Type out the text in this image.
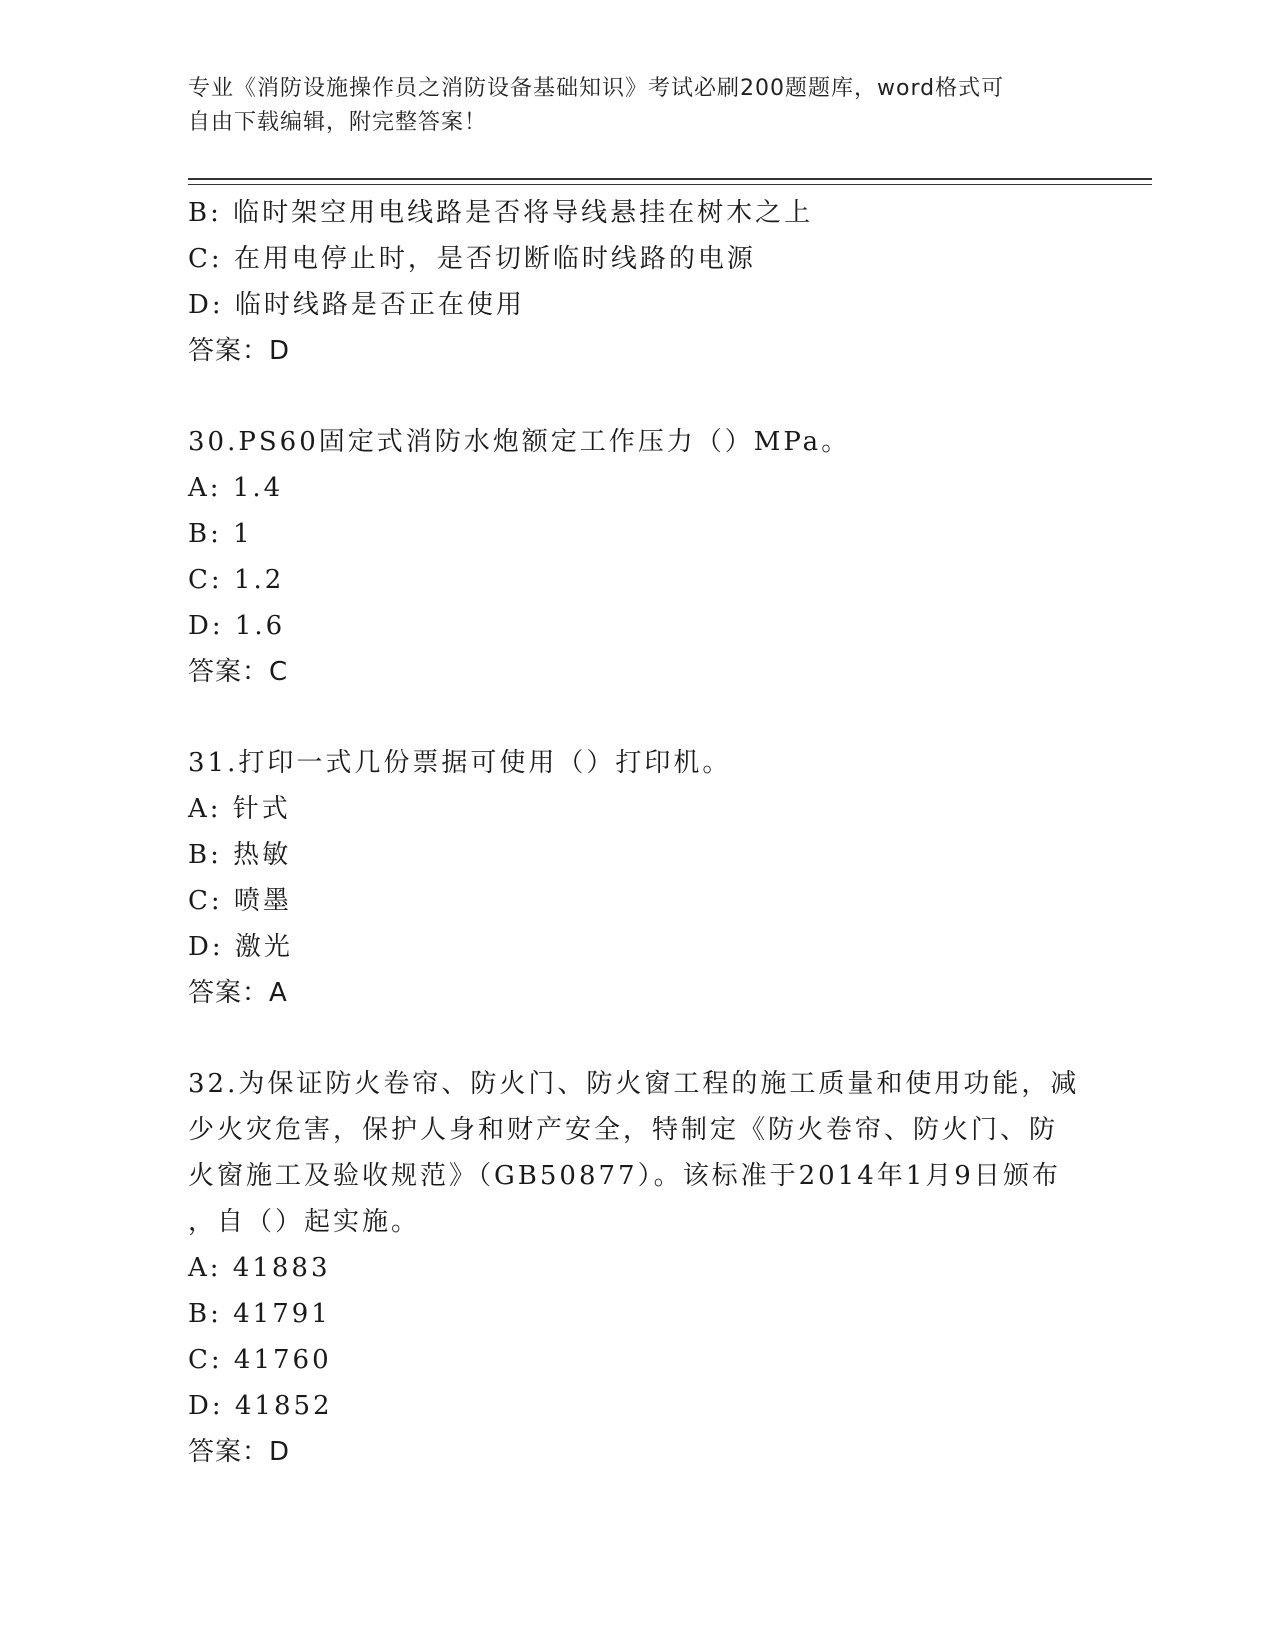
专业《消防设施操作员之消防设备基础知识》考试必刷200题题库，word格式可
自由下载编辑，附完整答案！
B: 临时架空用电线路是否将导线悬挂在树木之上
C: 在用电停止时，是否切断临时线路的电源
D: 临时线路是否正在使用
答案：D
30.PS60固定式消防水炮额定工作压力（）MPa。
A: 1.4
B: 1
C: 1.2
D: 1.6
答案：C
31.打印一式几份票据可使用（）打印机。
A: 针式
B: 热敏
C: 喷墨
D: 激光
答案：A
32.为保证防火卷帘、防火门、防火窗工程的施工质量和使用功能，减
少火灾危害，保护人身和财产安全，特制定《防火卷帘、防火门、防
火窗施工及验收规范》（GB50877）。该标准于2014年1月9日颁布
，自（）起实施。
A: 41883
B: 41791
C: 41760
D: 41852
答案：D
